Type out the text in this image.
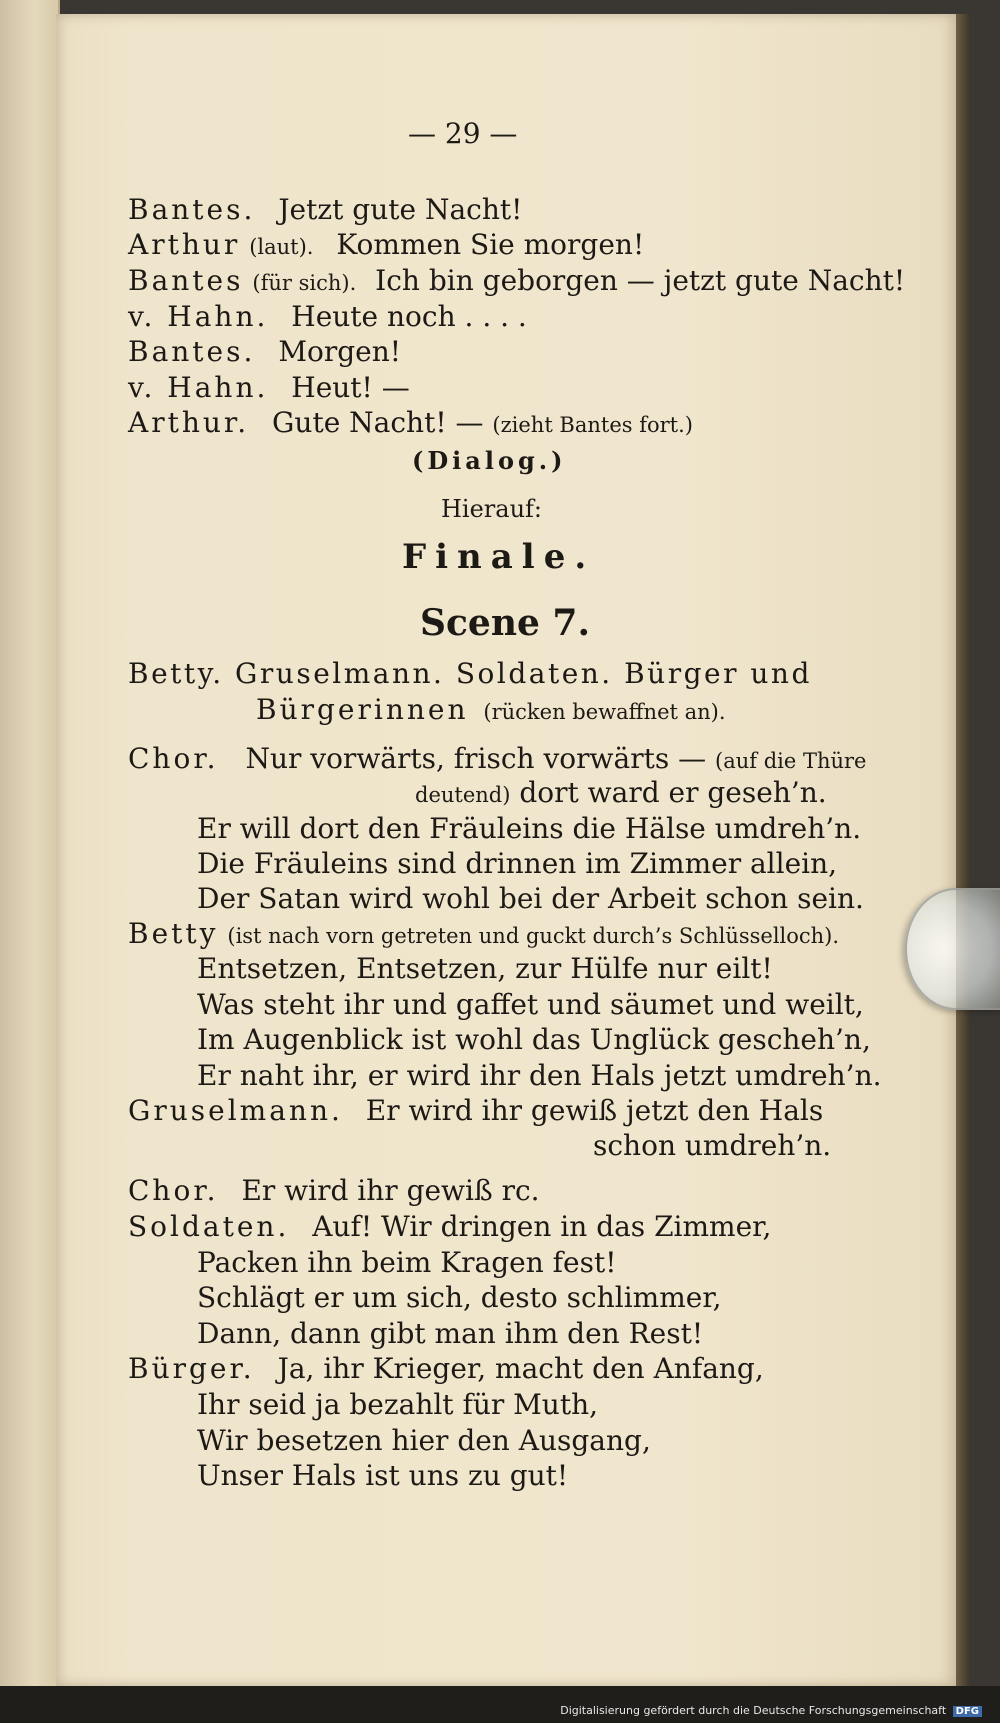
— 29 —
Bantes. Jetzt gute Nacht!
Arthur (laut). Kommen Sie morgen!
Bantes (für sich). Ich bin geborgen — jetzt gute Nacht!
v. Hahn. Heute noch . . . .
Bantes. Morgen!
v. Hahn. Heut! —
Arthur. Gute Nacht! — (zieht Bantes fort.)
(Dialog.)
Hierauf:
Finale.
Scene 7.
Betty. Gruselmann. Soldaten. Bürger und
Bürgerinnen (rücken bewaffnet an).
Chor. Nur vorwärts, frisch vorwärts — (auf die Thüre
deutend) dort ward er geseh’n.
Er will dort den Fräuleins die Hälse umdreh’n.
Die Fräuleins sind drinnen im Zimmer allein,
Der Satan wird wohl bei der Arbeit schon sein.
Betty (ist nach vorn getreten und guckt durch’s Schlüsselloch).
Entsetzen, Entsetzen, zur Hülfe nur eilt!
Was steht ihr und gaffet und säumet und weilt,
Im Augenblick ist wohl das Unglück gescheh’n,
Er naht ihr, er wird ihr den Hals jetzt umdreh’n.
Gruselmann. Er wird ihr gewiß jetzt den Hals
schon umdreh’n.
Chor. Er wird ihr gewiß rc.
Soldaten. Auf! Wir dringen in das Zimmer,
Packen ihn beim Kragen fest!
Schlägt er um sich, desto schlimmer,
Dann, dann gibt man ihm den Rest!
Bürger. Ja, ihr Krieger, macht den Anfang,
Ihr seid ja bezahlt für Muth,
Wir besetzen hier den Ausgang,
Unser Hals ist uns zu gut!
Digitalisierung gefördert durch die Deutsche Forschungsgemeinschaft DFG
